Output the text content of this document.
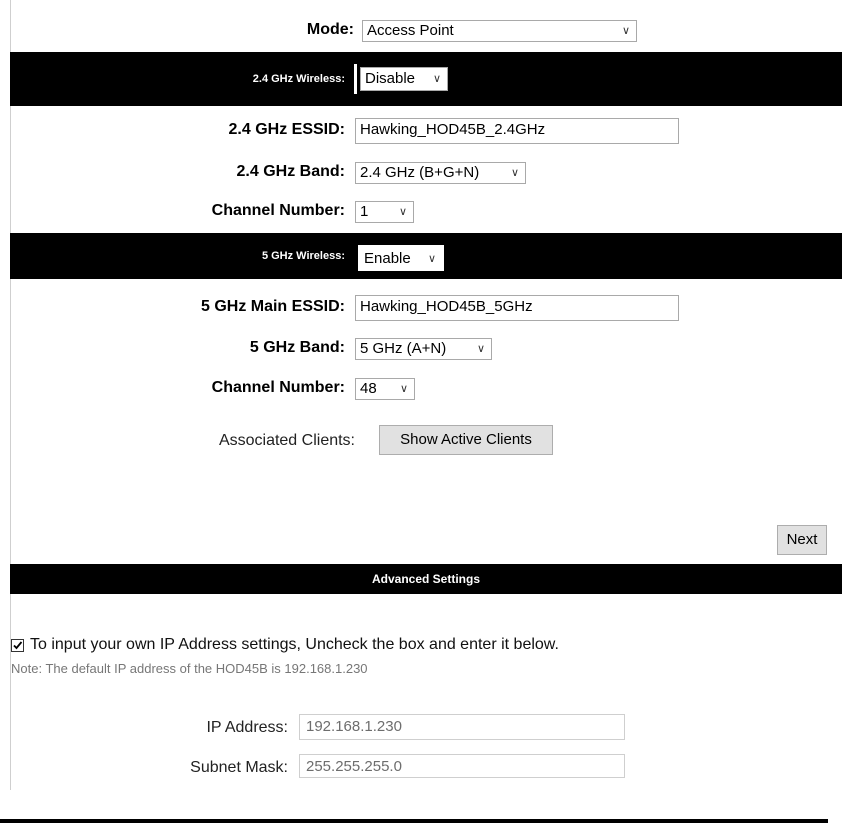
Mode: Access Point	∨
2.4 GHz Wireless:	Disable ∨
2.4 GHz ESSID:	Hawking_HOD45B_2.4GHz
2.4 GHz Band:	2.4 GHz (B+G+N)	∨
Channel Number:	1	∨
5 GHz Wireless:	Enable ∨
5 GHz Main ESSID:	Hawking_HOD45B_5GHz
5 GHz Band:	5 GHz (A+N)	∨
Channel Number:	48 ∨
Associated Clients:	Show Active Clients
Next
Advanced Settings
To input your own IP Address settings, Uncheck the box and enter it below.
Note: The default IP address of the HOD45B is 192.168.1.230
IP Address:	192.168.1.230
Subnet Mask:	255.255.255.0
